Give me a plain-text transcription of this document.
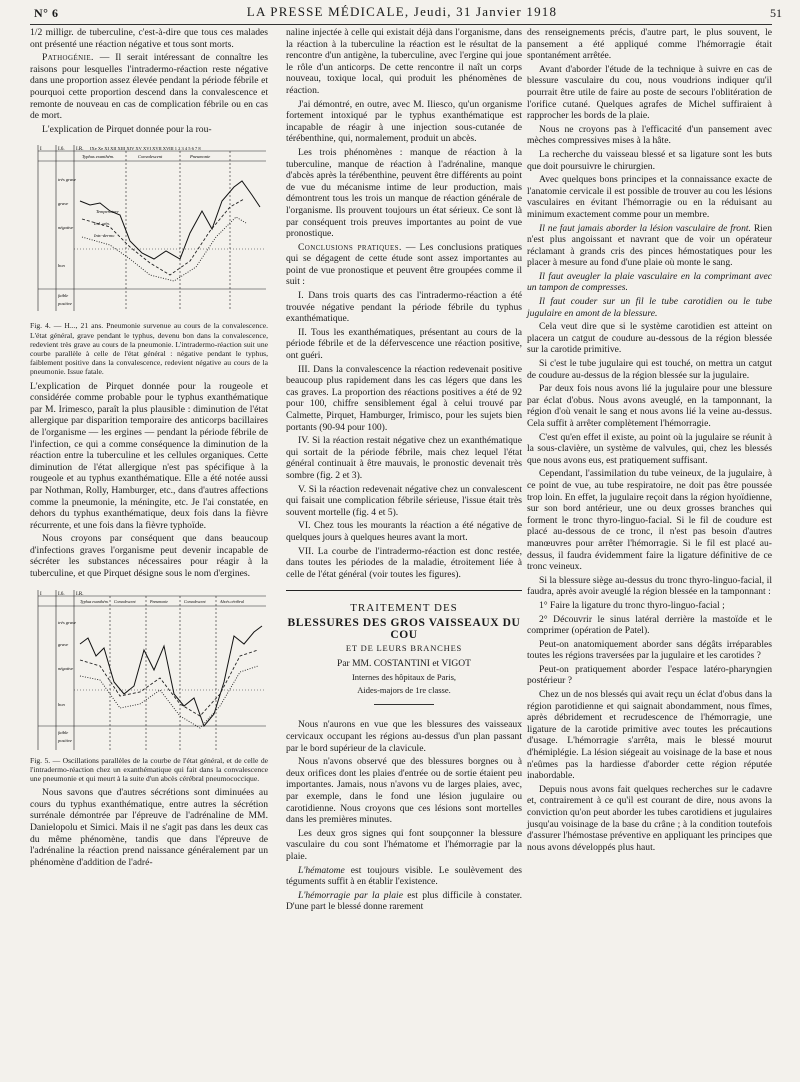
N° 6	LA PRESSE MÉDICALE, Jeudi, 31 Janvier 1918	51

1/2 milligr. de tuberculine, c'est-à-dire que tous ces malades ont présenté une réaction négative et tous sont morts.

Pathogénie. — Il serait intéressant de connaître les raisons pour lesquelles l'intradermo-réaction reste négative dans une proportion assez élevée pendant la période fébrile et pourquoi cette proportion descend dans la convalescence et remonte de nouveau en cas de complication fébrile ou en cas de mort.

L'explication de Pirquet donnée pour la rou-

I	I.6. I.R. IXe Xe XI XII XIII XIV XV XVI XVII XVIII 1 2 3 4 5 6 7 8
Typhus exanthém.	Convalescent	Pneumonie
très grave
grave
négative
bon
faible
positive
Temperature
Iod. gén.
Intr.-dermo

Fig. 4. — H..., 21 ans. Pneumonie survenue au cours de la convalescence. L'état général, grave pendant le typhus, devenu bon dans la convalescence, redevient très grave au cours de la pneumonie. L'intradermo-réaction suit une courbe parallèle à celle de l'état général : négative pendant le typhus, faiblement positive dans la convalescence, redevient négative au cours de la pneumonie. Issue fatale.

L'explication de Pirquet donnée pour la rougeole et considérée comme probable pour le typhus exanthématique par M. Irimesco, paraît la plus plausible : diminution de l'état allergique par disparition temporaire des anticorps bacillaires de l'organisme — les ergines — pendant la période fébrile de l'infection, ce qui a comme conséquence la diminution de la réaction entre la tuberculine et les cellules organiques. Cette diminution de l'état allergique n'est pas spécifique à la rougeole et au typhus exanthématique. Elle a été notée aussi par Nothman, Rolly, Hamburger, etc., dans d'autres affections comme la pneumonie, la méningite, etc. Je l'ai constatée, en dehors du typhus exanthématique, deux fois dans la fièvre récurrente, et une fois dans la fièvre typhoïde.

Nous croyons par conséquent que dans beaucoup d'infections graves l'organisme peut devenir incapable de sécréter les substances nécessaires pour réagir à la tuberculine, et que Pirquet désigne sous le nom d'ergines.

I	I.6. I.R.
Typhus exanthém. Convalescent	Pneumonie	Convalescent	Abcès cérébral
très grave
grave
négative
bon
faible
positive

Fig. 5. — Oscillations parallèles de la courbe de l'état général, et de celle de l'intradermo-réaction chez un exanthématique qui fait dans la convalescence une pneumonie et qui meurt à la suite d'un abcès cérébral pneumococcique.

Nous savons que d'autres sécrétions sont diminuées au cours du typhus exanthématique, entre autres la sécrétion surrénale démontrée par l'épreuve de l'adrénaline de MM. Danielopolu et Simici. Mais il ne s'agit pas dans les deux cas du même phénomène, tandis que dans l'épreuve de l'adrénaline la réaction prend naissance généralement par un phénomène d'addition de l'adré-

naline injectée à celle qui existait déjà dans l'organisme, dans la réaction à la tuberculine la réaction est le résultat de la rencontre d'un antigène, la tuberculine, avec l'ergine qui joue le rôle d'un anticorps. De cette rencontre il naît un corps nouveau, toxique local, qui produit les phénomènes de réaction.

J'ai démontré, en outre, avec M. Iliesco, qu'un organisme fortement intoxiqué par le typhus exanthématique est incapable de réagir à une injection sous-cutanée de térébenthine, qui, normalement, produit un abcès.

Les trois phénomènes : manque de réaction à la tuberculine, manque de réaction à l'adrénaline, manque d'abcès après la térébenthine, peuvent être différents au point de vue du mécanisme intime de leur production, mais démontrent tous les trois un manque de réaction générale de l'organisme. Ils prouvent toujours un état sérieux. Ce sont là par conséquent trois preuves importantes au point de vue pronostique.

Conclusions pratiques. — Les conclusions pratiques qui se dégagent de cette étude sont assez importantes au point de vue pronostique et peuvent être groupées comme il suit :

I. Dans trois quarts des cas l'intradermo-réaction a été trouvée négative pendant la période fébrile du typhus exanthématique.

II. Tous les exanthématiques, présentant au cours de la période fébrile et de la défervescence une réaction positive, ont guéri.

III. Dans la convalescence la réaction redevenait positive beaucoup plus rapidement dans les cas légers que dans les cas graves. La proportion des réactions positives a été de 92 pour 100, chiffre sensiblement égal à celui trouvé par Calmette, Pirquet, Hamburger, Irimisco, pour les sujets bien portants (90-94 pour 100).

IV. Si la réaction restait négative chez un exanthématique qui sortait de la période fébrile, mais chez lequel l'état général continuait à être mauvais, le pronostic devenait très sombre (fig. 2 et 3).

V. Si la réaction redevenait négative chez un convalescent qui faisait une complication fébrile sérieuse, l'issue était très souvent mortelle (fig. 4 et 5).

VI. Chez tous les mourants la réaction a été négative de quelques jours à quelques heures avant la mort.

VII. La courbe de l'intradermo-réaction est donc restée, dans toutes les périodes de la maladie, étroitement liée à celle de l'état général (voir toutes les figures).

TRAITEMENT DES
BLESSURES DES GROS VAISSEAUX DU COU
ET DE LEURS BRANCHES
Par MM. COSTANTINI et VIGOT
Internes des hôpitaux de Paris,
Aides-majors de 1re classe.

Nous n'aurons en vue que les blessures des vaisseaux cervicaux occupant les régions au-dessus d'un plan passant par le bord supérieur de la clavicule.

Nous n'avons observé que des blessures borgnes ou à deux orifices dont les plaies d'entrée ou de sortie étaient peu importantes. Jamais, nous n'avons vu de larges plaies, avec, par exemple, dans le fond une lésion jugulaire ou carotidienne. Nous croyons que ces lésions sont mortelles dans les premières minutes.

Les deux gros signes qui font soupçonner la blessure vasculaire du cou sont l'hématome et l'hémorragie par la plaie.

L'hématome est toujours visible. Le soulèvement des téguments suffit à en établir l'existence.

L'hémorragie par la plaie est plus difficile à constater. D'une part le blessé donne rarement

des renseignements précis, d'autre part, le plus souvent, le pansement a été appliqué comme l'hémorragie était spontanément arrêtée.

Avant d'aborder l'étude de la technique à suivre en cas de blessure vasculaire du cou, nous voudrions indiquer qu'il pourrait être utile de faire au poste de secours l'oblitération de l'orifice cutané. Quelques agrafes de Michel suffiraient à rapprocher les bords de la plaie.

Nous ne croyons pas à l'efficacité d'un pansement avec mèches compressives mises à la hâte.

La recherche du vaisseau blessé et sa ligature sont les buts que doit poursuivre le chirurgien.

Avec quelques bons principes et la connaissance exacte de l'anatomie cervicale il est possible de trouver au cou les lésions vasculaires en évitant l'hémorragie ou en la réduisant au minimum exactement comme pour un membre.

Il ne faut jamais aborder la lésion vasculaire de front. Rien n'est plus angoissant et navrant que de voir un opérateur réclamant à grands cris des pinces hémostatiques pour les placer à mesure au fond d'une plaie où monte le sang.

Il faut aveugler la plaie vasculaire en la comprimant avec un tampon de compresses.

Il faut couder sur un fil le tube carotidien ou le tube jugulaire en amont de la blessure.

Cela veut dire que si le système carotidien est atteint on placera un catgut de coudure au-dessous de la région blessée sur la carotide primitive.

Si c'est le tube jugulaire qui est touché, on mettra un catgut de coudure au-dessus de la région blessée sur la jugulaire.

Par deux fois nous avons lié la jugulaire pour une blessure par éclat d'obus. Nous avons aveuglé, en la tamponnant, la région d'où venait le sang et nous avons lié la veine au-dessus. Cela suffit à arrêter complètement l'hémorragie.

C'est qu'en effet il existe, au point où la jugulaire se réunit à la sous-clavière, un système de valvules, qui, chez les blessés que nous avons eus, est pratiquement suffisant.

Cependant, l'assimilation du tube veineux, de la jugulaire, à ce point de vue, au tube respiratoire, ne doit pas être poussée trop loin. En effet, la jugulaire reçoit dans la région hyoïdienne, sur son bord antérieur, une ou deux grosses branches qui forment le tronc thyro-linguo-facial. Si le fil de coudure est placé au-dessous de ce tronc, il n'est pas besoin d'autres manœuvres pour arrêter l'hémorragie. Si le fil est placé au-dessus, il faudra évidemment faire la ligature définitive de ce tronc veineux.

Si la blessure siège au-dessus du tronc thyro-linguo-facial, il faudra, après avoir aveuglé la région blessée en la tamponnant :

1° Faire la ligature du tronc thyro-linguo-facial ;

2° Découvrir le sinus latéral derrière la mastoïde et le comprimer (opération de Patel).

Peut-on anatomiquement aborder sans dégâts irréparables toutes les régions traversées par la jugulaire et les carotides ?

Peut-on pratiquement aborder l'espace latéro-pharyngien postérieur ?

Chez un de nos blessés qui avait reçu un éclat d'obus dans la région parotidienne et qui saignait abondamment, nous fîmes, après débridement et recrudescence de l'hémorragie, une ligature de la carotide primitive avec toutes les précautions d'usage. L'hémorragie s'arrêta, mais le blessé mourut d'hémiplégie. La lésion siégeait au voisinage de la base et nous n'eûmes pas la hardiesse d'aborder cette région réputée inabordable.

Depuis nous avons fait quelques recherches sur le cadavre et, contrairement à ce qu'il est courant de dire, nous avons la conviction qu'on peut aborder les tubes carotidiens et jugulaires jusqu'au voisinage de la base du crâne ; à la condition toutefois d'assurer l'hémostase préventive en appliquant les principes que nous avons développés plus haut.
